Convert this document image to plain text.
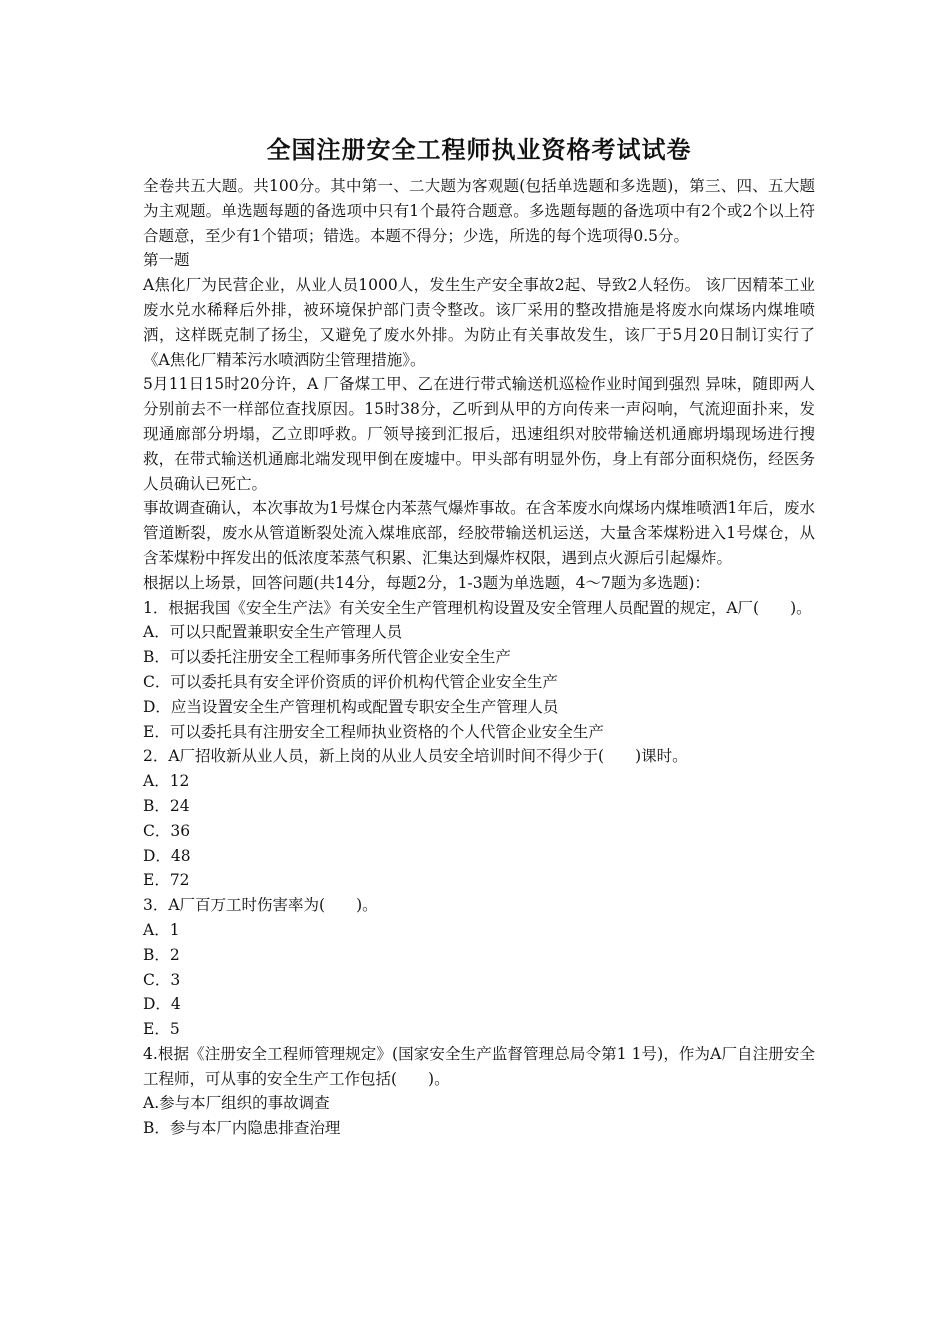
全国注册安全工程师执业资格考试试卷

全卷共五大题。共100分。其中第一、二大题为客观题(包括单选题和多选题)，第三、四、五大题为主观题。单选题每题的备选项中只有1个最符合题意。多选题每题的备选项中有2个或2个以上符合题意，至少有1个错项；错选。本题不得分；少选，所选的每个选项得0.5分。

第一题

A焦化厂为民营企业，从业人员1000人，发生生产安全事故2起、导致2人轻伤。 该厂因精苯工业废水兑水稀释后外排，被环境保护部门责令整改。该厂采用的整改措施是将废水向煤场内煤堆喷洒，这样既克制了扬尘，又避免了废水外排。为防止有关事故发生，该厂于5月20日制订实行了《A焦化厂精苯污水喷洒防尘管理措施》。

5月11日15时20分许，A 厂备煤工甲、乙在进行带式输送机巡检作业时闻到强烈 异味，随即两人分别前去不一样部位查找原因。15时38分，乙听到从甲的方向传来一声闷响，气流迎面扑来，发现通廊部分坍塌，乙立即呼救。厂领导接到汇报后，迅速组织对胶带输送机通廊坍塌现场进行搜救，在带式输送机通廊北端发现甲倒在废墟中。甲头部有明显外伤，身上有部分面积烧伤，经医务人员确认已死亡。

事故调查确认，本次事故为1号煤仓内苯蒸气爆炸事故。在含苯废水向煤场内煤堆喷洒1年后，废水管道断裂，废水从管道断裂处流入煤堆底部，经胶带输送机运送，大量含苯煤粉进入1号煤仓，从含苯煤粉中挥发出的低浓度苯蒸气积累、汇集达到爆炸权限，遇到点火源后引起爆炸。

根据以上场景，回答问题(共14分，每题2分，1-3题为单选题，4～7题为多选题)：

1．根据我国《安全生产法》有关安全生产管理机构设置及安全管理人员配置的规定，A厂(　　)。

A．可以只配置兼职安全生产管理人员

B．可以委托注册安全工程师事务所代管企业安全生产

C．可以委托具有安全评价资质的评价机构代管企业安全生产

D．应当设置安全生产管理机构或配置专职安全生产管理人员

E．可以委托具有注册安全工程师执业资格的个人代管企业安全生产

2．A厂招收新从业人员，新上岗的从业人员安全培训时间不得少于(　　)课时。

A．12

B．24

C．36

D．48

E．72

3．A厂百万工时伤害率为(　　)。

A．1

B．2

C．3

D．4

E．5

4.根据《注册安全工程师管理规定》(国家安全生产监督管理总局令第1 1号)，作为A厂自注册安全工程师，可从事的安全生产工作包括(　　)。

A.参与本厂组织的事故调查

B．参与本厂内隐患排查治理
